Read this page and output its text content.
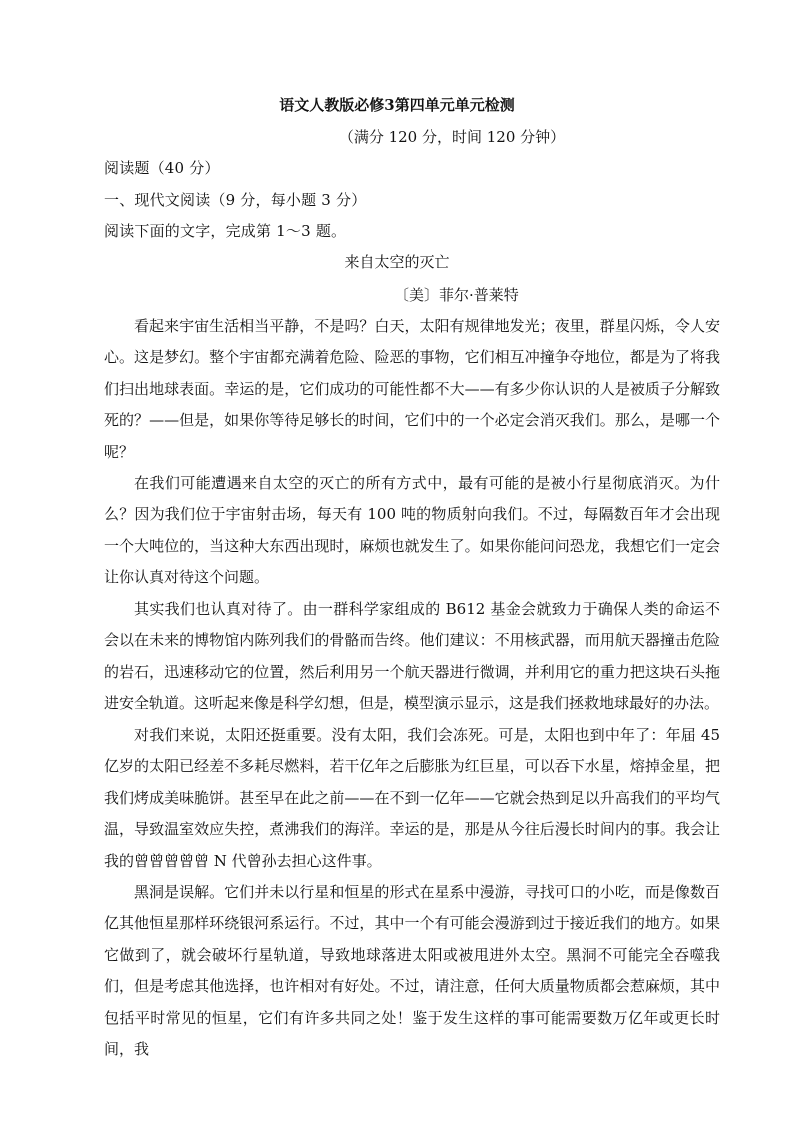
语文人教版必修3第四单元单元检测
（满分 120 分，时间 120 分钟）
阅读题（40 分）
一、现代文阅读（9 分，每小题 3 分）
阅读下面的文字，完成第 1～3 题。
来自太空的灭亡
〔美〕菲尔·普莱特
看起来宇宙生活相当平静，不是吗？白天，太阳有规律地发光；夜里，群星闪烁，令人安心。这是梦幻。整个宇宙都充满着危险、险恶的事物，它们相互冲撞争夺地位，都是为了将我们扫出地球表面。幸运的是，它们成功的可能性都不大——有多少你认识的人是被质子分解致死的？——但是，如果你等待足够长的时间，它们中的一个必定会消灭我们。那么，是哪一个呢？
在我们可能遭遇来自太空的灭亡的所有方式中，最有可能的是被小行星彻底消灭。为什么？因为我们位于宇宙射击场，每天有 100 吨的物质射向我们。不过，每隔数百年才会出现一个大吨位的，当这种大东西出现时，麻烦也就发生了。如果你能问问恐龙，我想它们一定会让你认真对待这个问题。
其实我们也认真对待了。由一群科学家组成的 B612 基金会就致力于确保人类的命运不会以在未来的博物馆内陈列我们的骨骼而告终。他们建议：不用核武器，而用航天器撞击危险的岩石，迅速移动它的位置，然后利用另一个航天器进行微调，并利用它的重力把这块石头拖进安全轨道。这听起来像是科学幻想，但是，模型演示显示，这是我们拯救地球最好的办法。
对我们来说，太阳还挺重要。没有太阳，我们会冻死。可是，太阳也到中年了：年届 45 亿岁的太阳已经差不多耗尽燃料，若干亿年之后膨胀为红巨星，可以吞下水星，熔掉金星，把我们烤成美味脆饼。甚至早在此之前——在不到一亿年——它就会热到足以升高我们的平均气温，导致温室效应失控，煮沸我们的海洋。幸运的是，那是从今往后漫长时间内的事。我会让我的曾曾曾曾曾 N 代曾孙去担心这件事。
黑洞是误解。它们并未以行星和恒星的形式在星系中漫游，寻找可口的小吃，而是像数百亿其他恒星那样环绕银河系运行。不过，其中一个有可能会漫游到过于接近我们的地方。如果它做到了，就会破坏行星轨道，导致地球落进太阳或被甩进外太空。黑洞不可能完全吞噬我们，但是考虑其他选择，也许相对有好处。不过，请注意，任何大质量物质都会惹麻烦，其中包括平时常见的恒星，它们有许多共同之处！鉴于发生这样的事可能需要数万亿年或更长时间，我
